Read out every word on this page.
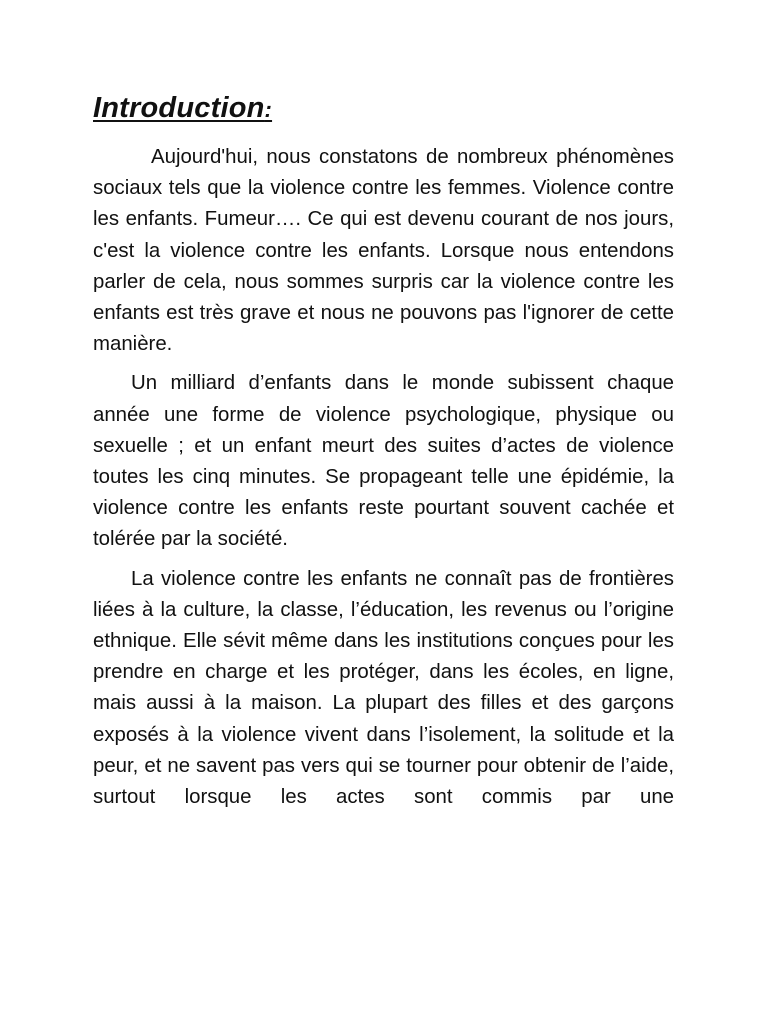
Introduction:

Aujourd'hui, nous constatons de nombreux phénomènes sociaux tels que la violence contre les femmes. Violence contre les enfants. Fumeur…. Ce qui est devenu courant de nos jours, c'est la violence contre les enfants. Lorsque nous entendons parler de cela, nous sommes surpris car la violence contre les enfants est très grave et nous ne pouvons pas l'ignorer de cette manière.

Un milliard d’enfants dans le monde subissent chaque année une forme de violence psychologique, physique ou sexuelle ; et un enfant meurt des suites d’actes de violence toutes les cinq minutes. Se propageant telle une épidémie, la violence contre les enfants reste pourtant souvent cachée et tolérée par la société.

La violence contre les enfants ne connaît pas de frontières liées à la culture, la classe, l’éducation, les revenus ou l’origine ethnique. Elle sévit même dans les institutions conçues pour les prendre en charge et les protéger, dans les écoles, en ligne, mais aussi à la maison. La plupart des filles et des garçons exposés à la violence vivent dans l’isolement, la solitude et la peur, et ne savent pas vers qui se tourner pour obtenir de l’aide, surtout lorsque les actes sont commis par une
